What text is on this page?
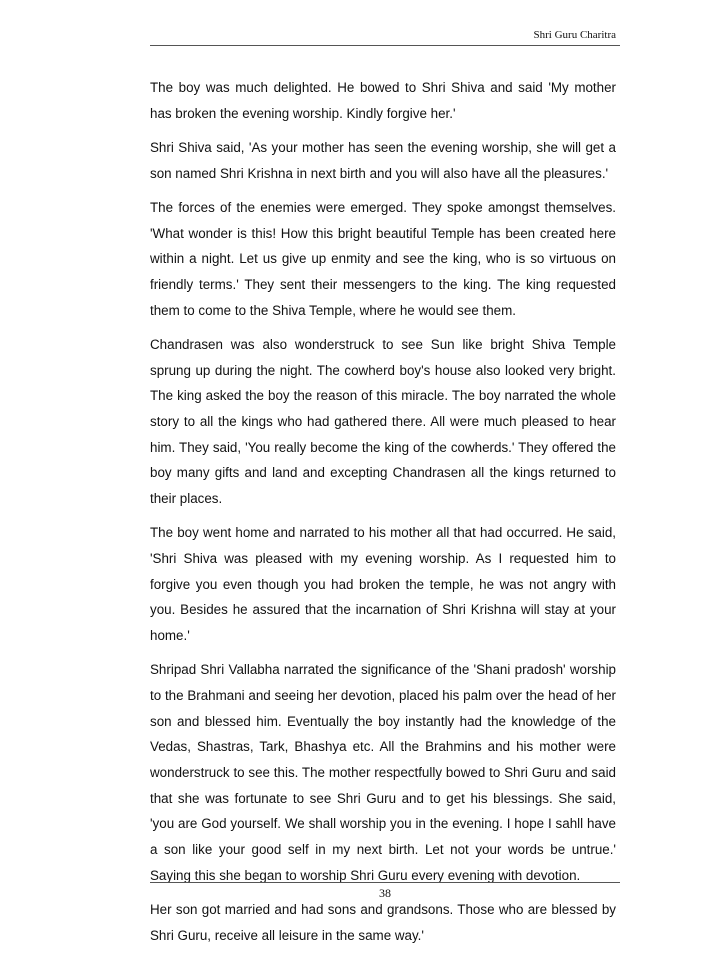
Shri Guru Charitra

The boy was much delighted. He bowed to Shri Shiva and said 'My mother has broken the evening worship. Kindly forgive her.'

Shri Shiva said, 'As your mother has seen the evening worship, she will get a son named Shri Krishna in next birth and you will also have all the pleasures.'

The forces of the enemies were emerged. They spoke amongst themselves. 'What wonder is this! How this bright beautiful Temple has been created here within a night. Let us give up enmity and see the king, who is so virtuous on friendly terms.' They sent their messengers to the king. The king requested them to come to the Shiva Temple, where he would see them.

Chandrasen was also wonderstruck to see Sun like bright Shiva Temple sprung up during the night. The cowherd boy's house also looked very bright. The king asked the boy the reason of this miracle. The boy narrated the whole story to all the kings who had gathered there. All were much pleased to hear him. They said, 'You really become the king of the cowherds.' They offered the boy many gifts and land and excepting Chandrasen all the kings returned to their places.

The boy went home and narrated to his mother all that had occurred. He said, 'Shri Shiva was pleased with my evening worship. As I requested him to forgive you even though you had broken the temple, he was not angry with you. Besides he assured that the incarnation of Shri Krishna will stay at your home.'

Shripad Shri Vallabha narrated the significance of the 'Shani pradosh' worship to the Brahmani and seeing her devotion, placed his palm over the head of her son and blessed him. Eventually the boy instantly had the knowledge of the Vedas, Shastras, Tark, Bhashya etc. All the Brahmins and his mother were wonderstruck to see this. The mother respectfully bowed to Shri Guru and said that she was fortunate to see Shri Guru and to get his blessings. She said, 'you are God yourself. We shall worship you in the evening. I hope I sahll have a son like your good self in my next birth. Let not your words be untrue.' Saying this she began to worship Shri Guru every evening with devotion.

Her son got married and had sons and grandsons. Those who are blessed by Shri Guru, receive all leisure in the same way.'

38
